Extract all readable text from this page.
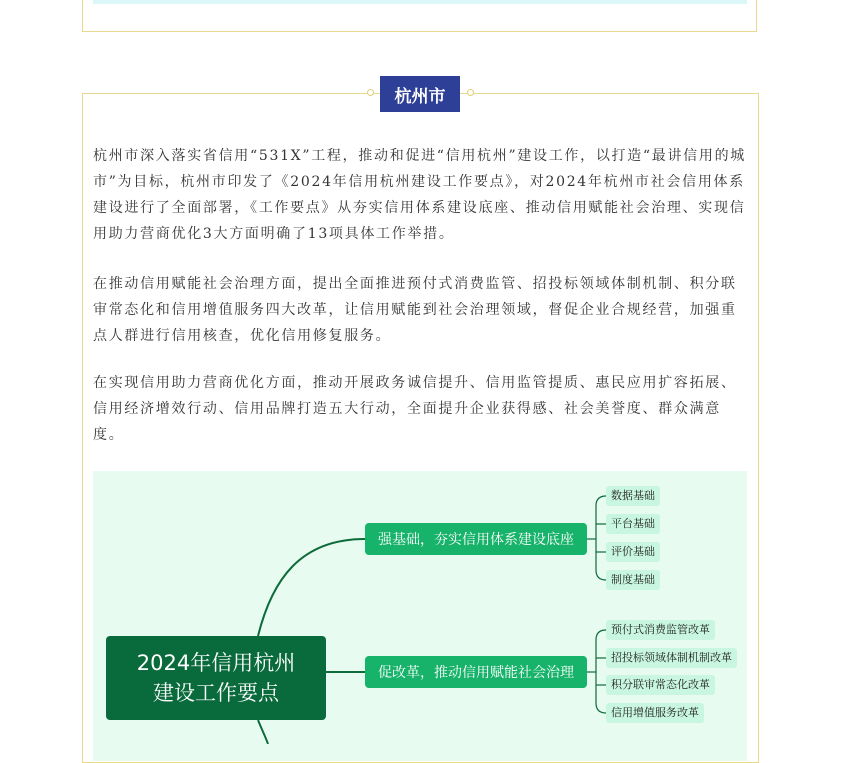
杭州市

杭州市深入落实省信用“531X”工程，推动和促进“信用杭州”建设工作，以打造“最讲信用的城市”为目标，杭州市印发了《2024年信用杭州建设工作要点》，对2024年杭州市社会信用体系建设进行了全面部署，《工作要点》从夯实信用体系建设底座、推动信用赋能社会治理、实现信用助力营商优化3大方面明确了13项具体工作举措。

在推动信用赋能社会治理方面，提出全面推进预付式消费监管、招投标领域体制机制、积分联审常态化和信用增值服务四大改革，让信用赋能到社会治理领域，督促企业合规经营，加强重点人群进行信用核查，优化信用修复服务。

在实现信用助力营商优化方面，推动开展政务诚信提升、信用监管提质、惠民应用扩容拓展、信用经济增效行动、信用品牌打造五大行动，全面提升企业获得感、社会美誉度、群众满意度。

2024年信用杭州
建设工作要点
强基础，夯实信用体系建设底座
促改革，推动信用赋能社会治理
数据基础
平台基础
评价基础
制度基础
预付式消费监管改革
招投标领域体制机制改革
积分联审常态化改革
信用增值服务改革
